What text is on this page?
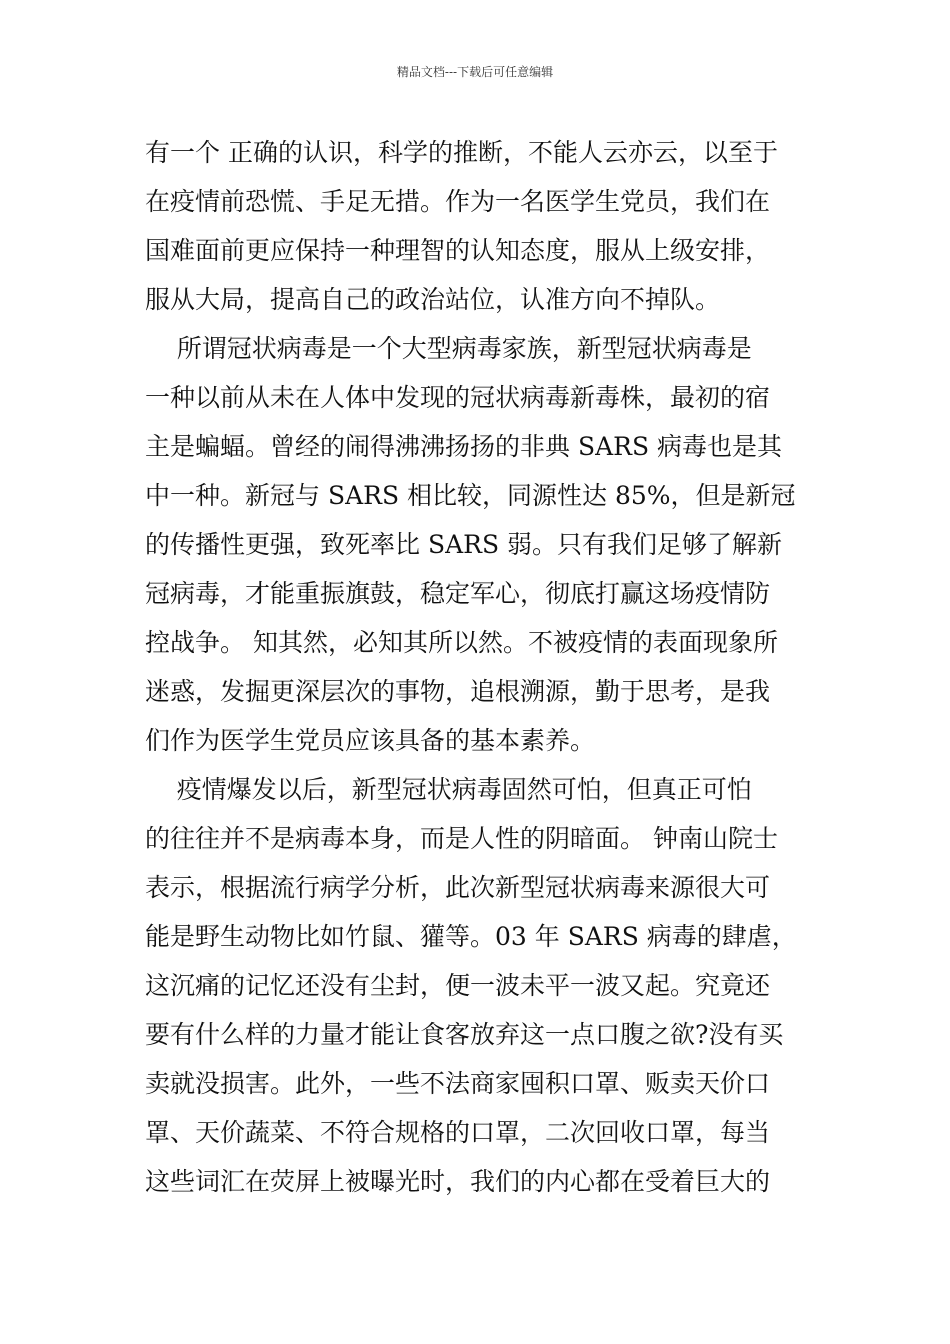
精品文档---下载后可任意编辑
有一个 正确的认识，科学的推断，不能人云亦云，以至于
在疫情前恐慌、手足无措。作为一名医学生党员，我们在
国难面前更应保持一种理智的认知态度，服从上级安排，
服从大局，提高自己的政治站位，认准方向不掉队。
所谓冠状病毒是一个大型病毒家族，新型冠状病毒是
一种以前从未在人体中发现的冠状病毒新毒株，最初的宿
主是蝙蝠。曾经的闹得沸沸扬扬的非典 SARS 病毒也是其
中一种。新冠与 SARS 相比较，同源性达 85%，但是新冠
的传播性更强，致死率比 SARS 弱。只有我们足够了解新
冠病毒，才能重振旗鼓，稳定军心，彻底打赢这场疫情防
控战争。 知其然，必知其所以然。不被疫情的表面现象所
迷惑，发掘更深层次的事物，追根溯源，勤于思考，是我
们作为医学生党员应该具备的基本素养。
疫情爆发以后，新型冠状病毒固然可怕，但真正可怕
的往往并不是病毒本身，而是人性的阴暗面。 钟南山院士
表示，根据流行病学分析，此次新型冠状病毒来源很大可
能是野生动物比如竹鼠、獾等。03 年 SARS 病毒的肆虐，
这沉痛的记忆还没有尘封，便一波未平一波又起。究竟还
要有什么样的力量才能让食客放弃这一点口腹之欲?没有买
卖就没损害。此外，一些不法商家囤积口罩、贩卖天价口
罩、天价蔬菜、不符合规格的口罩，二次回收口罩，每当
这些词汇在荧屏上被曝光时，我们的内心都在受着巨大的
